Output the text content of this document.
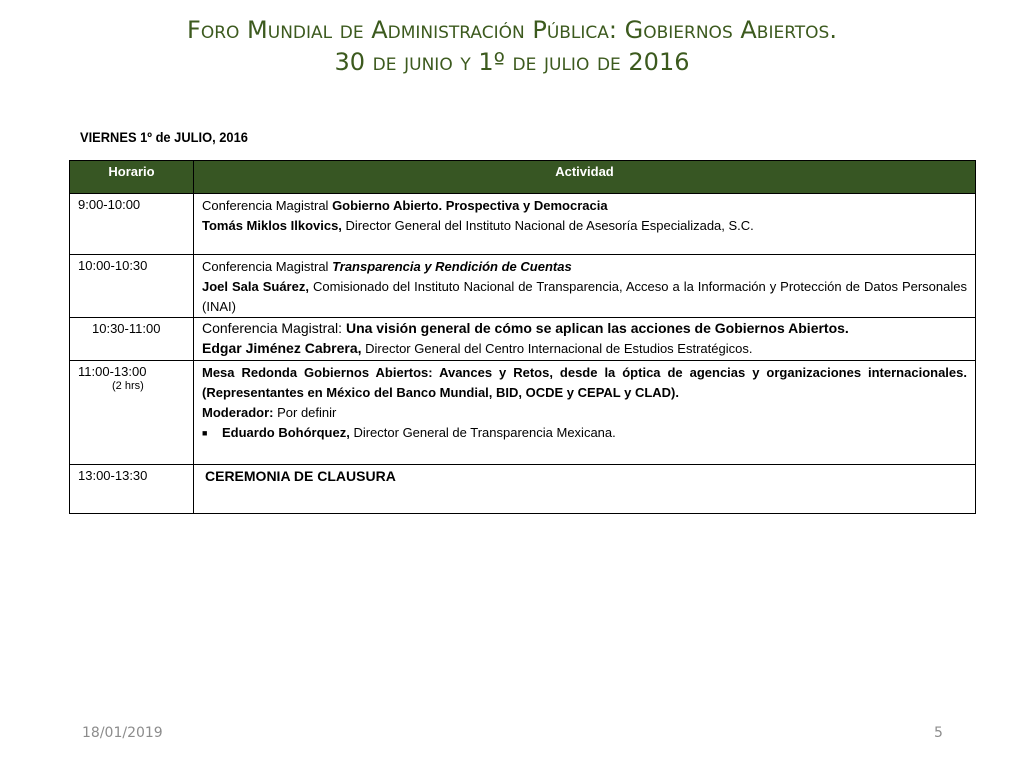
Foro Mundial de Administración Pública: Gobiernos Abiertos.
30 de junio y 1º de julio de 2016
VIERNES 1º de JULIO, 2016
Horario	Actividad

9:00-10:00	Conferencia Magistral Gobierno Abierto. Prospectiva y Democracia
Tomás Miklos Ilkovics, Director General del Instituto Nacional de Asesoría Especializada, S.C.

10:00-10:30	Conferencia Magistral Transparencia y Rendición de Cuentas
Joel Sala Suárez, Comisionado del Instituto Nacional de Transparencia, Acceso a la Información y Protección de Datos Personales (INAI)

10:30-11:00	Conferencia Magistral: Una visión general de cómo se aplican las acciones de Gobiernos Abiertos.
Edgar Jiménez Cabrera, Director General del Centro Internacional de Estudios Estratégicos.

11:00-13:00
(2 hrs)	Mesa Redonda Gobiernos Abiertos: Avances y Retos, desde la óptica de agencias y organizaciones internacionales. (Representantes en México del Banco Mundial, BID, OCDE y CEPAL y CLAD).
Moderador: Por definir
■ Eduardo Bohórquez, Director General de Transparencia Mexicana.

13:00-13:30	CEREMONIA DE CLAUSURA
18/01/2019	5
